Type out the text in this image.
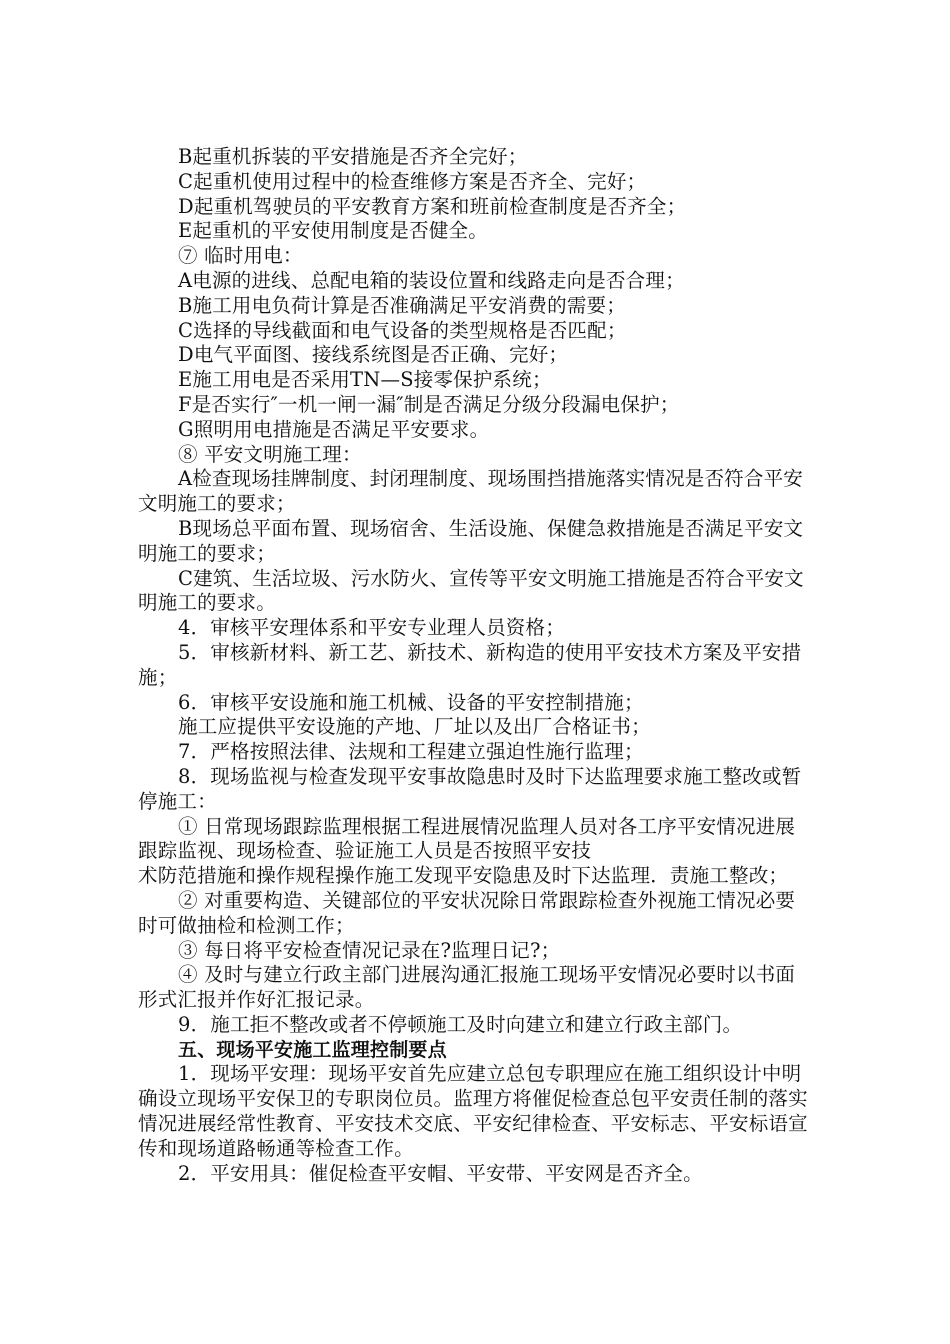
B起重机拆装的平安措施是否齐全完好；

C起重机使用过程中的检查维修方案是否齐全、完好；

D起重机驾驶员的平安教育方案和班前检查制度是否齐全；

E起重机的平安使用制度是否健全。

⑦ 临时用电：

A电源的进线、总配电箱的装设位置和线路走向是否合理；

B施工用电负荷计算是否准确满足平安消费的需要；

C选择的导线截面和电气设备的类型规格是否匹配；

D电气平面图、接线系统图是否正确、完好；

E施工用电是否采用TN—S接零保护系统；

F是否实行″一机一闸一漏″制是否满足分级分段漏电保护；

G照明用电措施是否满足平安要求。

⑧ 平安文明施工理：

A检查现场挂牌制度、封闭理制度、现场围挡措施落实情况是否符合平安文明施工的要求；

B现场总平面布置、现场宿舍、生活设施、保健急救措施是否满足平安文明施工的要求；

C建筑、生活垃圾、污水防火、宣传等平安文明施工措施是否符合平安文明施工的要求。

4．审核平安理体系和平安专业理人员资格；

5．审核新材料、新工艺、新技术、新构造的使用平安技术方案及平安措施；

6．审核平安设施和施工机械、设备的平安控制措施；

施工应提供平安设施的产地、厂址以及出厂合格证书；

7．严格按照法律、法规和工程建立强迫性施行监理；

8．现场监视与检查发现平安事故隐患时及时下达监理要求施工整改或暂停施工：

① 日常现场跟踪监理根据工程进展情况监理人员对各工序平安情况进展跟踪监视、现场检查、验证施工人员是否按照平安技

术防范措施和操作规程操作施工发现平安隐患及时下达监理．责施工整改；

② 对重要构造、关键部位的平安状况除日常跟踪检查外视施工情况必要时可做抽检和检测工作；

③ 每日将平安检查情况记录在?监理日记?；

④ 及时与建立行政主部门进展沟通汇报施工现场平安情况必要时以书面形式汇报并作好汇报记录。

9．施工拒不整改或者不停顿施工及时向建立和建立行政主部门。

五、现场平安施工监理控制要点

1．现场平安理：现场平安首先应建立总包专职理应在施工组织设计中明确设立现场平安保卫的专职岗位员。监理方将催促检查总包平安责任制的落实情况进展经常性教育、平安技术交底、平安纪律检查、平安标志、平安标语宣传和现场道路畅通等检查工作。

2．平安用具：催促检查平安帽、平安带、平安网是否齐全。
